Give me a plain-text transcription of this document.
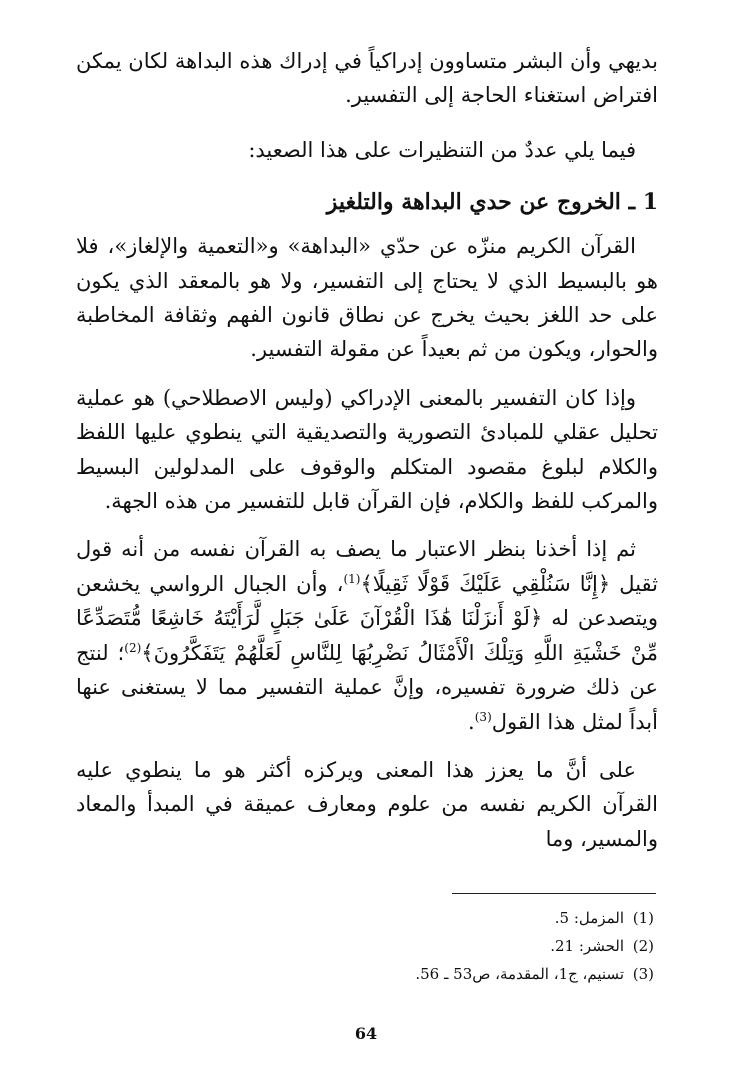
بديهي وأن البشر متساوون إدراكياً في إدراك هذه البداهة لكان يمكن افتراض استغناء الحاجة إلى التفسير.

فيما يلي عددٌ من التنظيرات على هذا الصعيد:

1 ـ الخروج عن حدي البداهة والتلغيز

القرآن الكريم منزّه عن حدّي «البداهة» و«التعمية والإلغاز»، فلا هو بالبسيط الذي لا يحتاج إلى التفسير، ولا هو بالمعقد الذي يكون على حد اللغز بحيث يخرج عن نطاق قانون الفهم وثقافة المخاطبة والحوار، ويكون من ثم بعيداً عن مقولة التفسير.

وإذا كان التفسير بالمعنى الإدراكي (وليس الاصطلاحي) هو عملية تحليل عقلي للمبادئ التصورية والتصديقية التي ينطوي عليها اللفظ والكلام لبلوغ مقصود المتكلم والوقوف على المدلولين البسيط والمركب للفظ والكلام، فإن القرآن قابل للتفسير من هذه الجهة.

ثم إذا أخذنا بنظر الاعتبار ما يصف به القرآن نفسه من أنه قول ثقيل ﴿إِنَّا سَنُلْقِي عَلَيْكَ قَوْلًا ثَقِيلًا﴾$^{(1)}$، وأن الجبال الرواسي يخشعن ويتصدعن له ﴿لَوْ أَنزَلْنَا هَٰذَا الْقُرْآنَ عَلَىٰ جَبَلٍ لَّرَأَيْتَهُ خَاشِعًا مُّتَصَدِّعًا مِّنْ خَشْيَةِ اللَّهِ وَتِلْكَ الْأَمْثَالُ نَضْرِبُهَا لِلنَّاسِ لَعَلَّهُمْ يَتَفَكَّرُونَ﴾$^{(2)}$؛ لنتج عن ذلك ضرورة تفسيره، وإنَّ عملية التفسير مما لا يستغنى عنها أبداً لمثل هذا القول$^{(3)}$.

على أنَّ ما يعزز هذا المعنى ويركزه أكثر هو ما ينطوي عليه القرآن الكريم نفسه من علوم ومعارف عميقة في المبدأ والمعاد والمسير، وما

(1)المزمل: 5.
(2)الحشر: 21.
(3)تسنيم، ج1، المقدمة، ص53 ـ 56.
64
